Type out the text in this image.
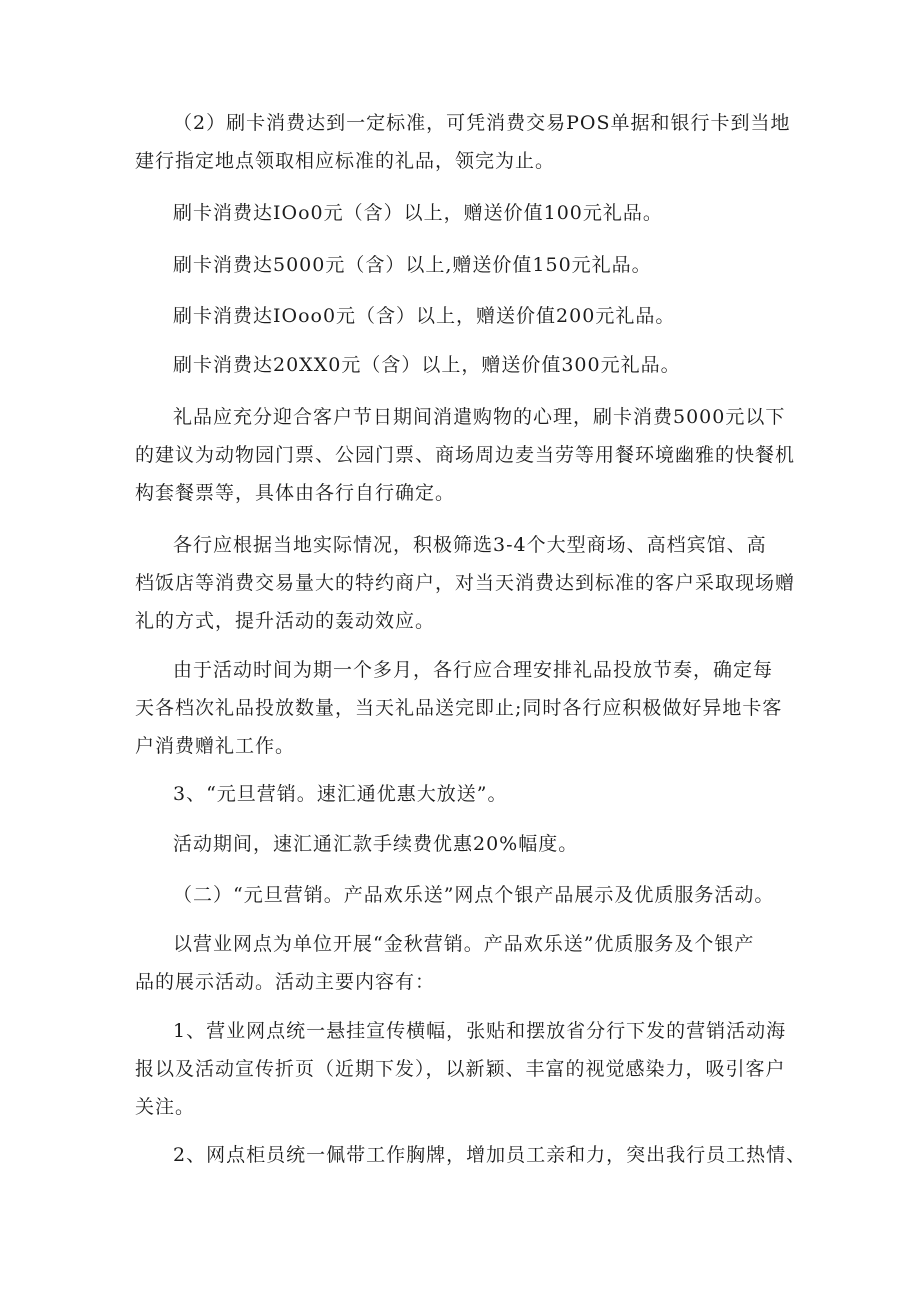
（2）刷卡消费达到一定标准，可凭消费交易POS单据和银行卡到当地
建行指定地点领取相应标准的礼品，领完为止。

刷卡消费达IOo0元（含）以上，赠送价值100元礼品。

刷卡消费达5000元（含）以上,赠送价值150元礼品。

刷卡消费达IOoo0元（含）以上，赠送价值200元礼品。

刷卡消费达20XX0元（含）以上，赠送价值300元礼品。

礼品应充分迎合客户节日期间消遣购物的心理，刷卡消费5000元以下
的建议为动物园门票、公园门票、商场周边麦当劳等用餐环境幽雅的快餐机
构套餐票等，具体由各行自行确定。

各行应根据当地实际情况，积极筛选3-4个大型商场、高档宾馆、高
档饭店等消费交易量大的特约商户，对当天消费达到标准的客户采取现场赠
礼的方式，提升活动的轰动效应。

由于活动时间为期一个多月，各行应合理安排礼品投放节奏，确定每
天各档次礼品投放数量，当天礼品送完即止;同时各行应积极做好异地卡客
户消费赠礼工作。

3、“元旦营销。速汇通优惠大放送”。

活动期间，速汇通汇款手续费优惠20%幅度。

（二）“元旦营销。产品欢乐送”网点个银产品展示及优质服务活动。

以营业网点为单位开展“金秋营销。产品欢乐送”优质服务及个银产
品的展示活动。活动主要内容有：

1、营业网点统一悬挂宣传横幅，张贴和摆放省分行下发的营销活动海
报以及活动宣传折页（近期下发），以新颖、丰富的视觉感染力，吸引客户
关注。

2、网点柜员统一佩带工作胸牌，增加员工亲和力，突出我行员工热情、
